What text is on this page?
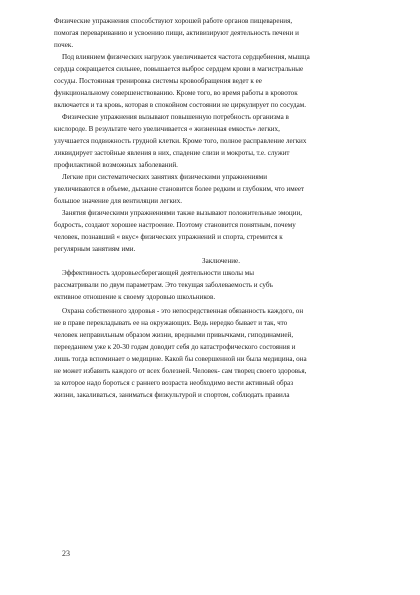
Физические упражнения способствуют хорошей работе органов пищеварения,
помогая перевариванию и усвоению пищи, активизируют деятельность печени и
почек.
Под влиянием физических нагрузок увеличивается частота сердцебиения, мышца
сердца сокращается сильнее, повышается выброс сердцем крови в магистральные
сосуды. Постоянная тренировка системы кровообращения ведет к ее
функциональному совершенствованию. Кроме того, во время работы в кровоток
включается и та кровь, которая в спокойном состоянии не циркулирует по сосудам.
Физические упражнения вызывают повышенную потребность организма в
кислороде. В результате чего увеличивается « жизненная емкость» легких,
улучшается подвижность грудной клетки. Кроме того, полное расправление легких
ликвидирует застойные явления в них, спадение слизи и мокроты, т.е. служит
профилактикой возможных заболеваний.
Легкие при систематических занятиях физическими упражнениями
увеличиваются в объеме, дыхание становится более редким и глубоким, что имеет
большое значение для вентиляции легких.
Занятия физическими упражнениями также вызывают положительные эмоции,
бодрость, создают хорошее настроение. Поэтому становится понятным, почему
человек, познавший « вкус» физических упражнений и спорта, стремится к
регулярным занятиям ими.
Заключение.
Эффективность здоровьесберегающей деятельности школы мы
рассматривали по двум параметрам. Это текущая заболеваемость и субъ
ективное отношение к своему здоровью школьников.
Охрана собственного здоровья - это непосредственная обязанность каждого, он
не в праве перекладывать ее на окружающих. Ведь нередко бывает и так, что
человек неправильным образом жизни, вредными привычками, гиподинамией,
перееданием уже к 20-30 годам доводит себя до катастрофического состояния и
лишь тогда вспоминает о медицине. Какой бы совершенной ни была медицина, она
не может избавить каждого от всех болезней. Человек- сам творец своего здоровья,
за которое надо бороться с раннего возраста необходимо вести активный образ
жизни, закаливаться, заниматься физкультурой и спортом, соблюдать правила
23
